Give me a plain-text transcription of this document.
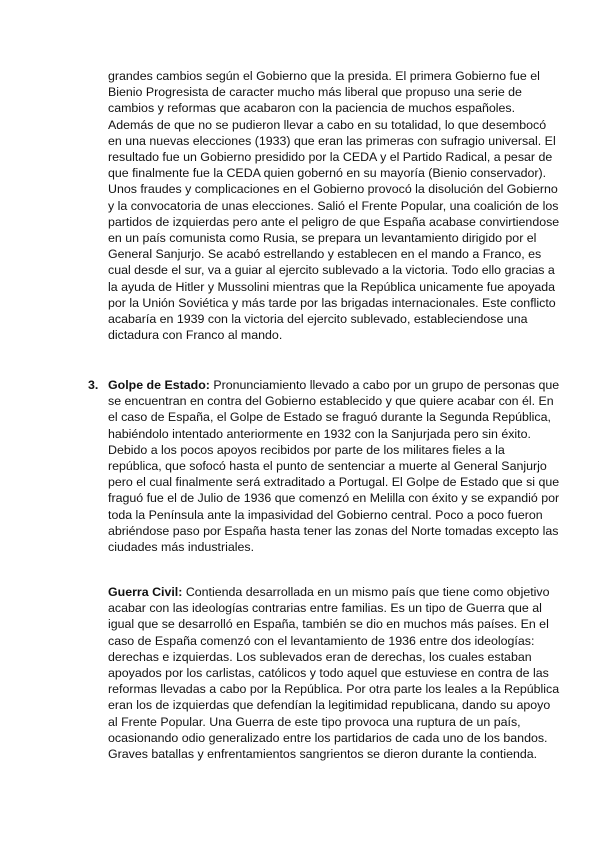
grandes cambios según el Gobierno que la presida. El primera Gobierno fue el Bienio Progresista de caracter mucho más liberal que propuso una serie de cambios y reformas que acabaron con la paciencia de muchos españoles. Además de que no se pudieron llevar a cabo en su totalidad, lo que desembocó en una nuevas elecciones (1933) que eran las primeras con sufragio universal. El resultado fue un Gobierno presidido por la CEDA y el Partido Radical, a pesar de que finalmente fue la CEDA quien gobernó en su mayoría (Bienio conservador). Unos fraudes y complicaciones en el Gobierno provocó la disolución del Gobierno y la convocatoria de unas elecciones. Salió el Frente Popular, una coalición de los partidos de izquierdas pero ante el peligro de que España acabase convirtiendose en un país comunista como Rusia, se prepara un levantamiento dirigido por el General Sanjurjo. Se acabó estrellando y establecen en el mando a Franco, es cual desde el sur, va a guiar al ejercito sublevado a la victoria. Todo ello gracias a la ayuda de Hitler y Mussolini mientras que la República unicamente fue apoyada por la Unión Soviética y más tarde por las brigadas internacionales. Este conflicto acabaría en 1939 con la victoria del ejercito sublevado, estableciendose una dictadura con Franco al mando.

3. Golpe de Estado: Pronunciamiento llevado a cabo por un grupo de personas que se encuentran en contra del Gobierno establecido y que quiere acabar con él. En el caso de España, el Golpe de Estado se fraguó durante la Segunda República, habiéndolo intentado anteriormente en 1932 con la Sanjurjada pero sin éxito. Debido a los pocos apoyos recibidos por parte de los militares fieles a la república, que sofocó hasta el punto de sentenciar a muerte al General Sanjurjo pero el cual finalmente será extraditado a Portugal. El Golpe de Estado que si que fraguó fue el de Julio de 1936 que comenzó en Melilla con éxito y se expandió por toda la Península ante la impasividad del Gobierno central. Poco a poco fueron abriéndose paso por España hasta tener las zonas del Norte tomadas excepto las ciudades más industriales.

Guerra Civil: Contienda desarrollada en un mismo país que tiene como objetivo acabar con las ideologías contrarias entre familias. Es un tipo de Guerra que al igual que se desarrolló en España, también se dio en muchos más países. En el caso de España comenzó con el levantamiento de 1936 entre dos ideologías: derechas e izquierdas. Los sublevados eran de derechas, los cuales estaban apoyados por los carlistas, católicos y todo aquel que estuviese en contra de las reformas llevadas a cabo por la República. Por otra parte los leales a la República eran los de izquierdas que defendían la legitimidad republicana, dando su apoyo al Frente Popular. Una Guerra de este tipo provoca una ruptura de un país, ocasionando odio generalizado entre los partidarios de cada uno de los bandos. Graves batallas y enfrentamientos sangrientos se dieron durante la contienda.
